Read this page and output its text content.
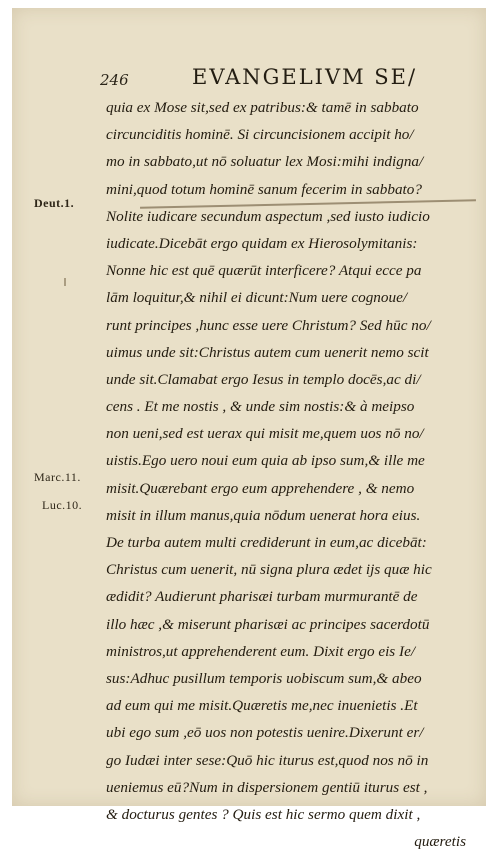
246	EVANGELIVM SE/
Deut.1.
Marc.11.
Luc.10.
quia ex Mose sit,sed ex patribus:& tamē in sabbato
circunciditis hominē. Si circuncisionem accipit ho/
mo in sabbato,ut nō soluatur lex Mosi:mihi indigna/
mini,quod totum hominē sanum fecerim in sabbato?
Nolite iudicare secundum aspectum ,sed iusto iudicio
iudicate.Dicebāt ergo quidam ex Hierosolymitanis:
Nonne hic est quē quærūt interficere? Atqui ecce pa
lām loquitur,& nihil ei dicunt:Num uere cognoue/
runt principes ,hunc esse uere Christum? Sed hūc no/
uimus unde sit:Christus autem cum uenerit nemo scit
unde sit.Clamabat ergo Iesus in templo docēs,ac di/
cens . Et me nostis , & unde sim nostis:& à meipso
non ueni,sed est uerax qui misit me,quem uos nō no/
uistis.Ego uero noui eum quia ab ipso sum,& ille me
misit.Quærebant ergo eum apprehendere , & nemo
misit in illum manus,quia nōdum uenerat hora eius.
De turba autem multi crediderunt in eum,ac dicebāt:
Christus cum uenerit, nū signa plura ædet ijs quæ hic
ædidit? Audierunt pharisæi turbam murmurantē de
illo hæc ,& miserunt pharisæi ac principes sacerdotū
ministros,ut apprehenderent eum. Dixit ergo eis Ie/
sus:Adhuc pusillum temporis uobiscum sum,& abeo
ad eum qui me misit.Quæretis me,nec inuenietis .Et
ubi ego sum ,eō uos non potestis uenire.Dixerunt er/
go Iudæi inter sese:Quō hic iturus est,quod nos nō in
ueniemus eū?Num in dispersionem gentiū iturus est ,
& docturus gentes ? Quis est hic sermo quem dixit ,
quæretis
